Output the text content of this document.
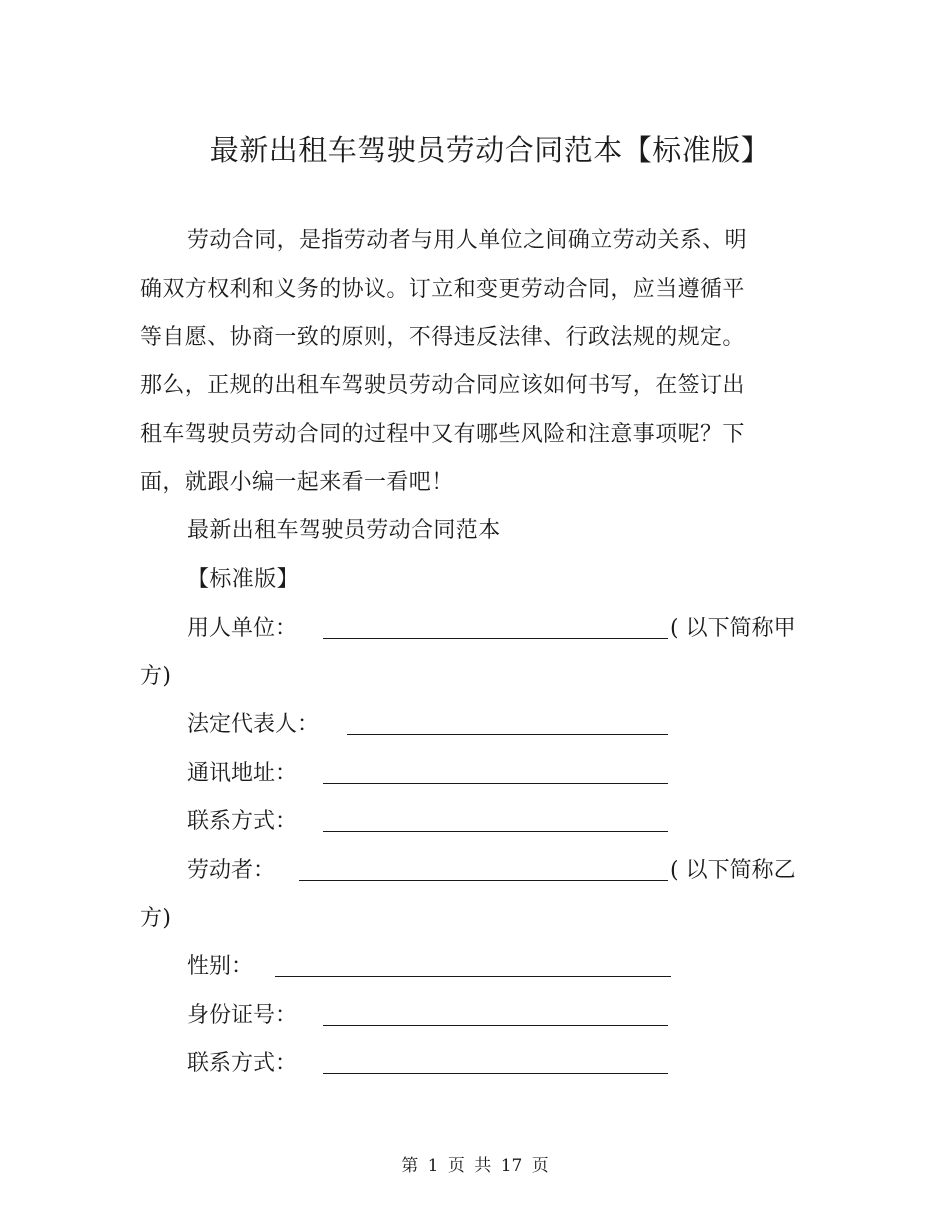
最新出租车驾驶员劳动合同范本【标准版】
劳动合同，是指劳动者与用人单位之间确立劳动关系、明
确双方权利和义务的协议。订立和变更劳动合同，应当遵循平
等自愿、协商一致的原则，不得违反法律、行政法规的规定。
那么，正规的出租车驾驶员劳动合同应该如何书写，在签订出
租车驾驶员劳动合同的过程中又有哪些风险和注意事项呢？下
面，就跟小编一起来看一看吧！
最新出租车驾驶员劳动合同范本
【标准版】
用人单位：	( 以下简称甲
方)
法定代表人：
通讯地址：
联系方式：
劳动者：	( 以下简称乙
方)
性别：
身份证号：
联系方式：
第 1 页 共 17 页
